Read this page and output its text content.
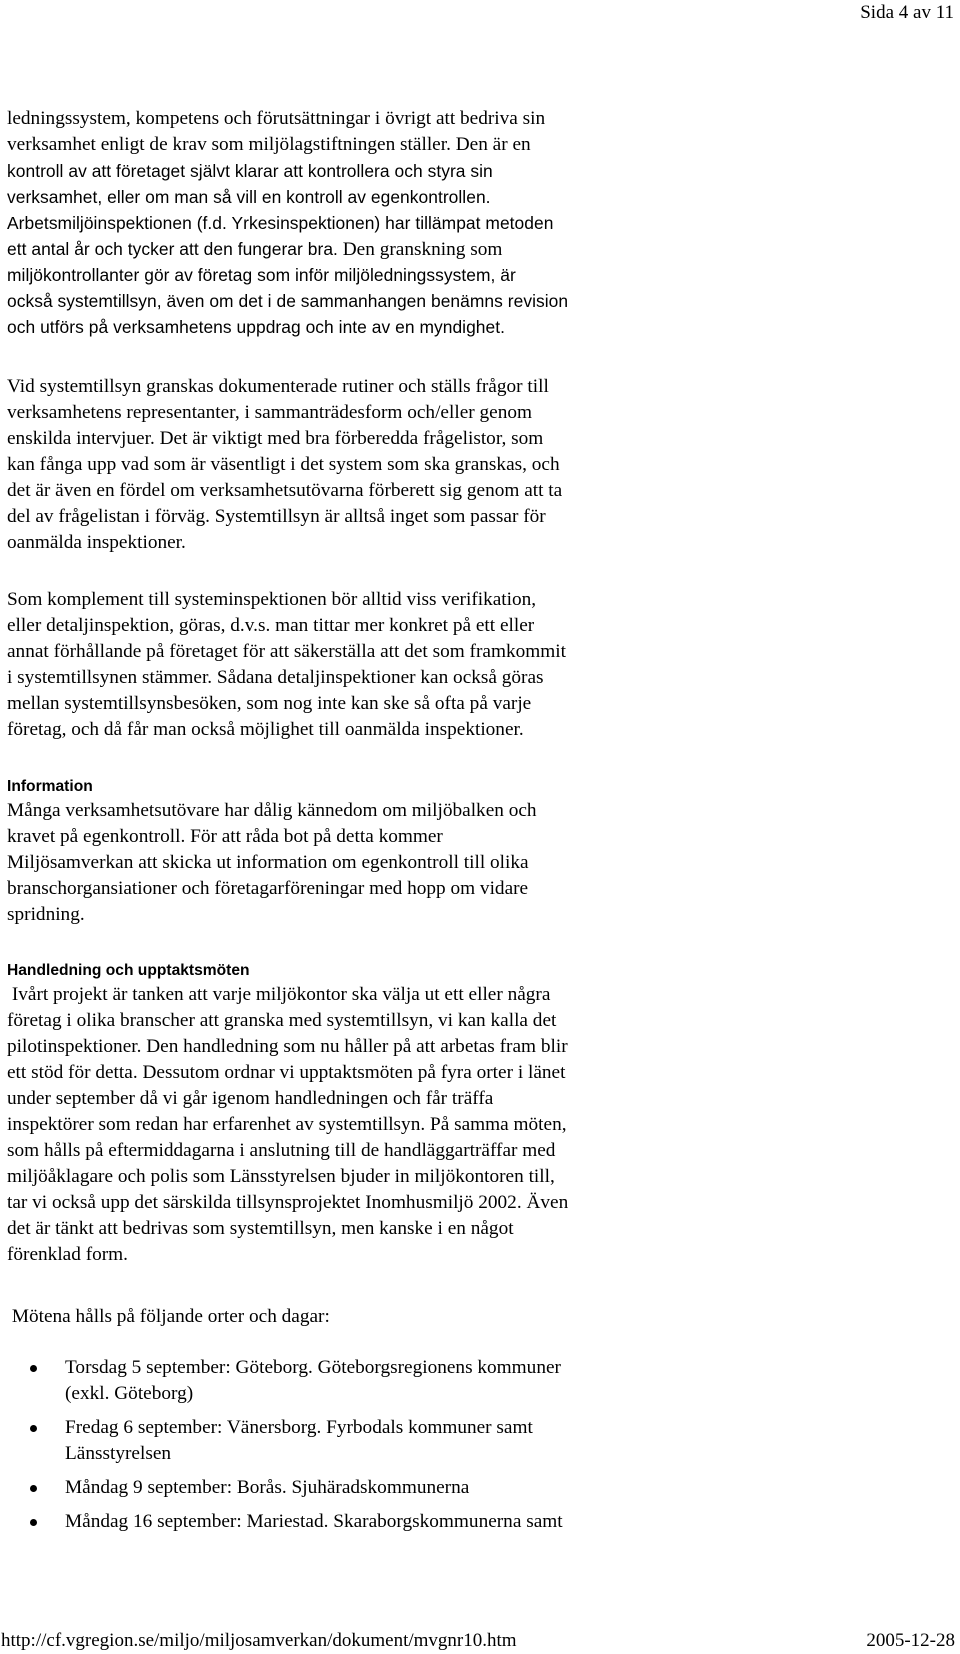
Sida 4 av 11
ledningssystem, kompetens och förutsättningar i övrigt att bedriva sin
verksamhet enligt de krav som miljölagstiftningen ställer. Den är en
kontroll av att företaget självt klarar att kontrollera och styra sin
verksamhet, eller om man så vill en kontroll av egenkontrollen.
Arbetsmiljöinspektionen (f.d. Yrkesinspektionen) har tillämpat metoden
ett antal år och tycker att den fungerar bra. Den granskning som
miljökontrollanter gör av företag som inför miljöledningssystem, är
också systemtillsyn, även om det i de sammanhangen benämns revision
och utförs på verksamhetens uppdrag och inte av en myndighet.
Vid systemtillsyn granskas dokumenterade rutiner och ställs frågor till
verksamhetens representanter, i sammanträdesform och/eller genom
enskilda intervjuer. Det är viktigt med bra förberedda frågelistor, som
kan fånga upp vad som är väsentligt i det system som ska granskas, och
det är även en fördel om verksamhetsutövarna förberett sig genom att ta
del av frågelistan i förväg. Systemtillsyn är alltså inget som passar för
oanmälda inspektioner.
Som komplement till systeminspektionen bör alltid viss verifikation,
eller detaljinspektion, göras, d.v.s. man tittar mer konkret på ett eller
annat förhållande på företaget för att säkerställa att det som framkommit
i systemtillsynen stämmer. Sådana detaljinspektioner kan också göras
mellan systemtillsynsbesöken, som nog inte kan ske så ofta på varje
företag, och då får man också möjlighet till oanmälda inspektioner.
Information
Många verksamhetsutövare har dålig kännedom om miljöbalken och
kravet på egenkontroll. För att råda bot på detta kommer
Miljösamverkan att skicka ut information om egenkontroll till olika
branschorgansiationer och företagarföreningar med hopp om vidare
spridning.
Handledning och upptaktsmöten
Ivårt projekt är tanken att varje miljökontor ska välja ut ett eller några
företag i olika branscher att granska med systemtillsyn, vi kan kalla det
pilotinspektioner. Den handledning som nu håller på att arbetas fram blir
ett stöd för detta. Dessutom ordnar vi upptaktsmöten på fyra orter i länet
under september då vi går igenom handledningen och får träffa
inspektörer som redan har erfarenhet av systemtillsyn. På samma möten,
som hålls på eftermiddagarna i anslutning till de handläggarträffar med
miljöåklagare och polis som Länsstyrelsen bjuder in miljökontoren till,
tar vi också upp det särskilda tillsynsprojektet Inomhusmiljö 2002. Även
det är tänkt att bedrivas som systemtillsyn, men kanske i en något
förenklad form.
Mötena hålls på följande orter och dagar:
Torsdag 5 september: Göteborg. Göteborgsregionens kommuner
(exkl. Göteborg)
Fredag 6 september: Vänersborg. Fyrbodals kommuner samt
Länsstyrelsen
Måndag 9 september: Borås. Sjuhäradskommunerna
Måndag 16 september: Mariestad. Skaraborgskommunerna samt
http://cf.vgregion.se/miljo/miljosamverkan/dokument/mvgnr10.htm	2005-12-28
